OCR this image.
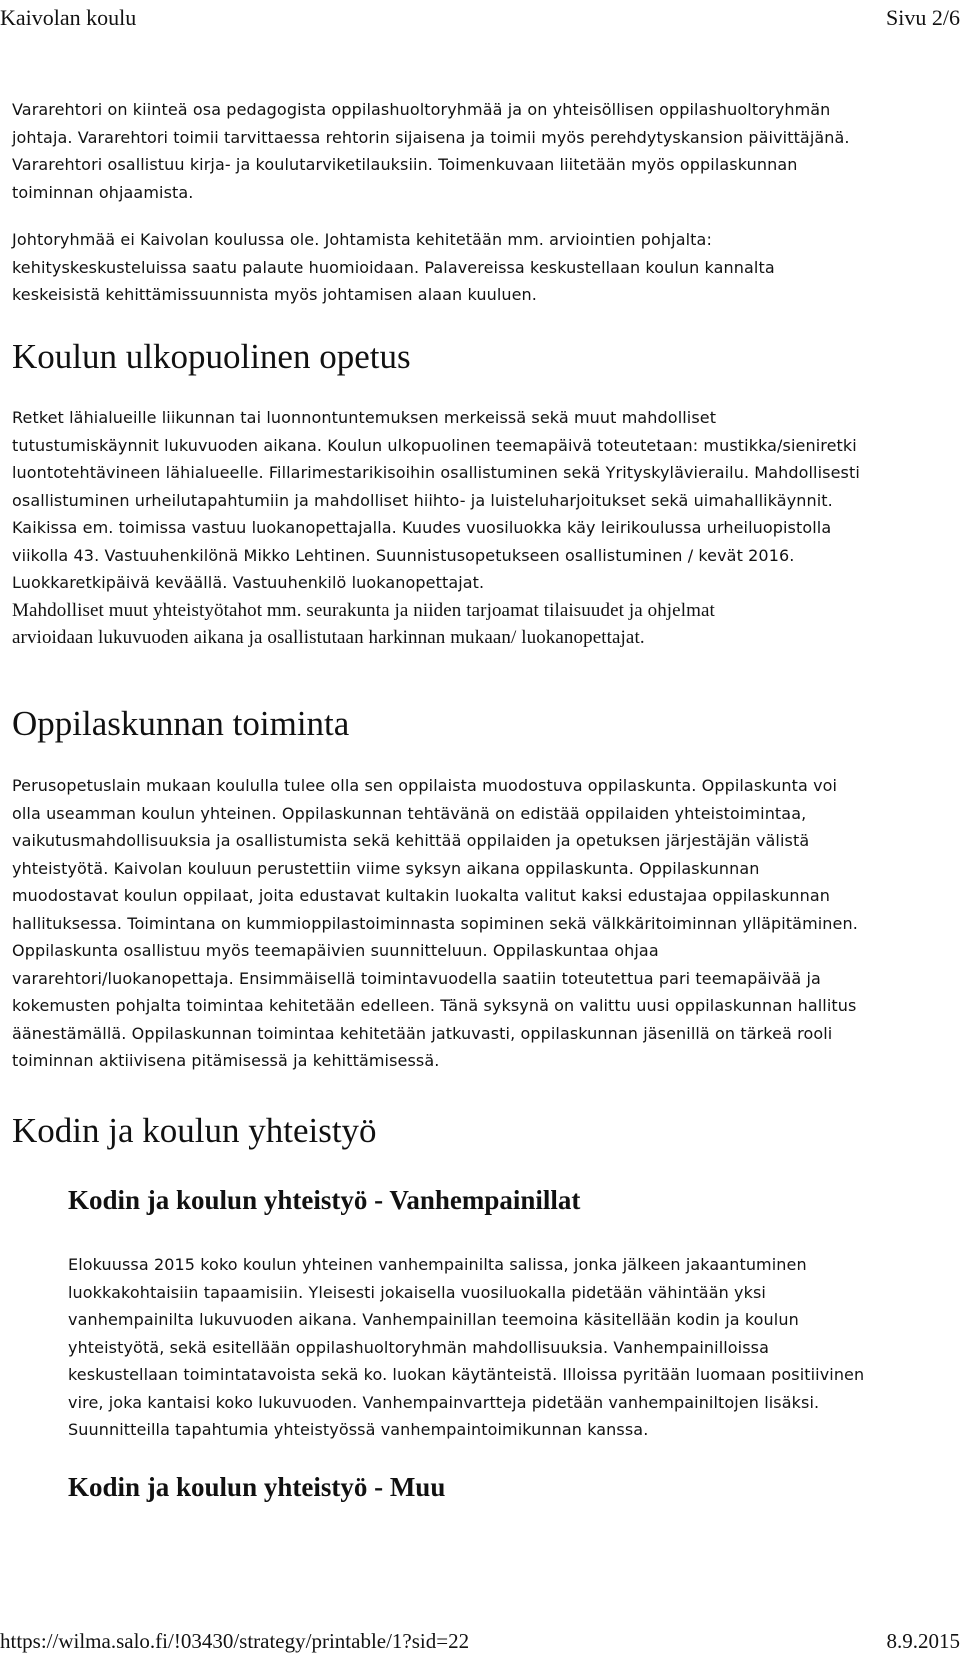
Kaivolan koulu	Sivu 2/6

Vararehtori on kiinteä osa pedagogista oppilashuoltoryhmää ja on yhteisöllisen oppilashuoltoryhmän
johtaja. Vararehtori toimii tarvittaessa rehtorin sijaisena ja toimii myös perehdytyskansion päivittäjänä.
Vararehtori osallistuu kirja- ja koulutarviketilauksiin. Toimenkuvaan liitetään myös oppilaskunnan
toiminnan ohjaamista.

Johtoryhmää ei Kaivolan koulussa ole. Johtamista kehitetään mm. arviointien pohjalta:
kehityskeskusteluissa saatu palaute huomioidaan. Palavereissa keskustellaan koulun kannalta
keskeisistä kehittämissuunnista myös johtamisen alaan kuuluen.

Koulun ulkopuolinen opetus

Retket lähialueille liikunnan tai luonnontuntemuksen merkeissä sekä muut mahdolliset
tutustumiskäynnit lukuvuoden aikana. Koulun ulkopuolinen teemapäivä toteutetaan: mustikka/sieniretki
luontotehtävineen lähialueelle. Fillarimestarikisoihin osallistuminen sekä Yrityskylävierailu. Mahdollisesti
osallistuminen urheilutapahtumiin ja mahdolliset hiihto- ja luisteluharjoitukset sekä uimahallikäynnit.
Kaikissa em. toimissa vastuu luokanopettajalla. Kuudes vuosiluokka käy leirikoulussa urheiluopistolla
viikolla 43. Vastuuhenkilönä Mikko Lehtinen. Suunnistusopetukseen osallistuminen / kevät 2016.
Luokkaretkipäivä keväällä. Vastuuhenkilö luokanopettajat.
Mahdolliset muut yhteistyötahot mm. seurakunta ja niiden tarjoamat tilaisuudet ja ohjelmat
arvioidaan lukuvuoden aikana ja osallistutaan harkinnan mukaan/ luokanopettajat.

Oppilaskunnan toiminta

Perusopetuslain mukaan koululla tulee olla sen oppilaista muodostuva oppilaskunta. Oppilaskunta voi
olla useamman koulun yhteinen. Oppilaskunnan tehtävänä on edistää oppilaiden yhteistoimintaa,
vaikutusmahdollisuuksia ja osallistumista sekä kehittää oppilaiden ja opetuksen järjestäjän välistä
yhteistyötä. Kaivolan kouluun perustettiin viime syksyn aikana oppilaskunta. Oppilaskunnan
muodostavat koulun oppilaat, joita edustavat kultakin luokalta valitut kaksi edustajaa oppilaskunnan
hallituksessa. Toimintana on kummioppilastoiminnasta sopiminen sekä välkkäritoiminnan ylläpitäminen.
Oppilaskunta osallistuu myös teemapäivien suunnitteluun. Oppilaskuntaa ohjaa
vararehtori/luokanopettaja. Ensimmäisellä toimintavuodella saatiin toteutettua pari teemapäivää ja
kokemusten pohjalta toimintaa kehitetään edelleen. Tänä syksynä on valittu uusi oppilaskunnan hallitus
äänestämällä. Oppilaskunnan toimintaa kehitetään jatkuvasti, oppilaskunnan jäsenillä on tärkeä rooli
toiminnan aktiivisena pitämisessä ja kehittämisessä.

Kodin ja koulun yhteistyö
Kodin ja koulun yhteistyö - Vanhempainillat

Elokuussa 2015 koko koulun yhteinen vanhempainilta salissa, jonka jälkeen jakaantuminen
luokkakohtaisiin tapaamisiin. Yleisesti jokaisella vuosiluokalla pidetään vähintään yksi
vanhempainilta lukuvuoden aikana. Vanhempainillan teemoina käsitellään kodin ja koulun
yhteistyötä, sekä esitellään oppilashuoltoryhmän mahdollisuuksia. Vanhempainilloissa
keskustellaan toimintatavoista sekä ko. luokan käytänteistä. Illoissa pyritään luomaan positiivinen
vire, joka kantaisi koko lukuvuoden. Vanhempainvartteja pidetään vanhempainiltojen lisäksi.
Suunnitteilla tapahtumia yhteistyössä vanhempaintoimikunnan kanssa.

Kodin ja koulun yhteistyö - Muu
https://wilma.salo.fi/!03430/strategy/printable/1?sid=22	8.9.2015
